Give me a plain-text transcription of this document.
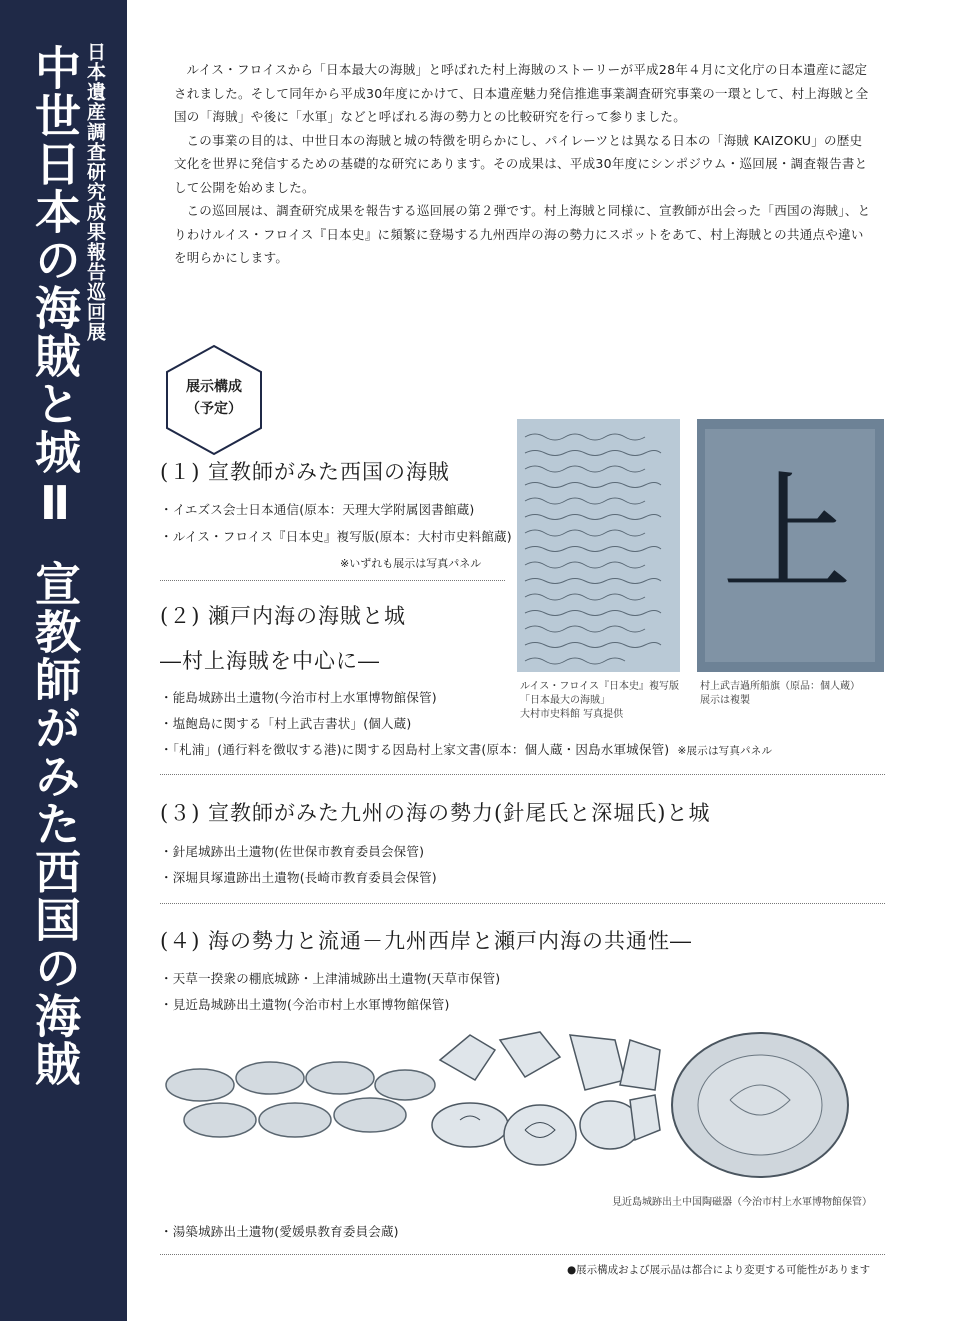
日本遺産調査研究成果報告巡回展
中世日本の海賊と城Ⅱ
宣教師がみた西国の海賊

ルイス・フロイスから「日本最大の海賊」と呼ばれた村上海賊のストーリーが平成28年４月に文化庁の日本遺産に認定されました。そして同年から平成30年度にかけて、日本遺産魅力発信推進事業調査研究事業の一環として、村上海賊と全国の「海賊」や後に「水軍」などと呼ばれる海の勢力との比較研究を行って参りました。

この事業の目的は、中世日本の海賊と城の特徴を明らかにし、パイレーツとは異なる日本の「海賊 KAIZOKU」の歴史文化を世界に発信するための基礎的な研究にあります。その成果は、平成30年度にシンポジウム・巡回展・調査報告書として公開を始めました。

この巡回展は、調査研究成果を報告する巡回展の第２弾です。村上海賊と同様に、宣教師が出会った「西国の海賊」、とりわけルイス・フロイス『日本史』に頻繁に登場する九州西岸の海の勢力にスポットをあて、村上海賊との共通点や違いを明らかにします。

展示構成
（予定）
(１) 宣教師がみた西国の海賊
・イエズス会士日本通信(原本：天理大学附属図書館蔵)
・ルイス・フロイス『日本史』複写版(原本：大村市史料館蔵)
※いずれも展示は写真パネル
(２) 瀬戸内海の海賊と城
―村上海賊を中心に―
・能島城跡出土遺物(今治市村上水軍博物館保管)
・塩飽島に関する「村上武吉書状」(個人蔵)
・「札浦」(通行料を徴収する港)に関する因島村上家文書(原本：個人蔵・因島水軍城保管) ※展示は写真パネル
(３) 宣教師がみた九州の海の勢力(針尾氏と深堀氏)と城
・針尾城跡出土遺物(佐世保市教育委員会保管)
・深堀貝塚遺跡出土遺物(長崎市教育委員会保管)
(４) 海の勢力と流通－九州西岸と瀬戸内海の共通性―
・天草一揆衆の棚底城跡・上津浦城跡出土遺物(天草市保管)
・見近島城跡出土遺物(今治市村上水軍博物館保管)
ルイス・フロイス『日本史』複写版
「日本最大の海賊」
大村市史料館 写真提供
上
村上武吉過所船旗（原品：個人蔵）
展示は複製
見近島城跡出土中国陶磁器（今治市村上水軍博物館保管）
・湯築城跡出土遺物(愛媛県教育委員会蔵)
●展示構成および展示品は都合により変更する可能性があります
